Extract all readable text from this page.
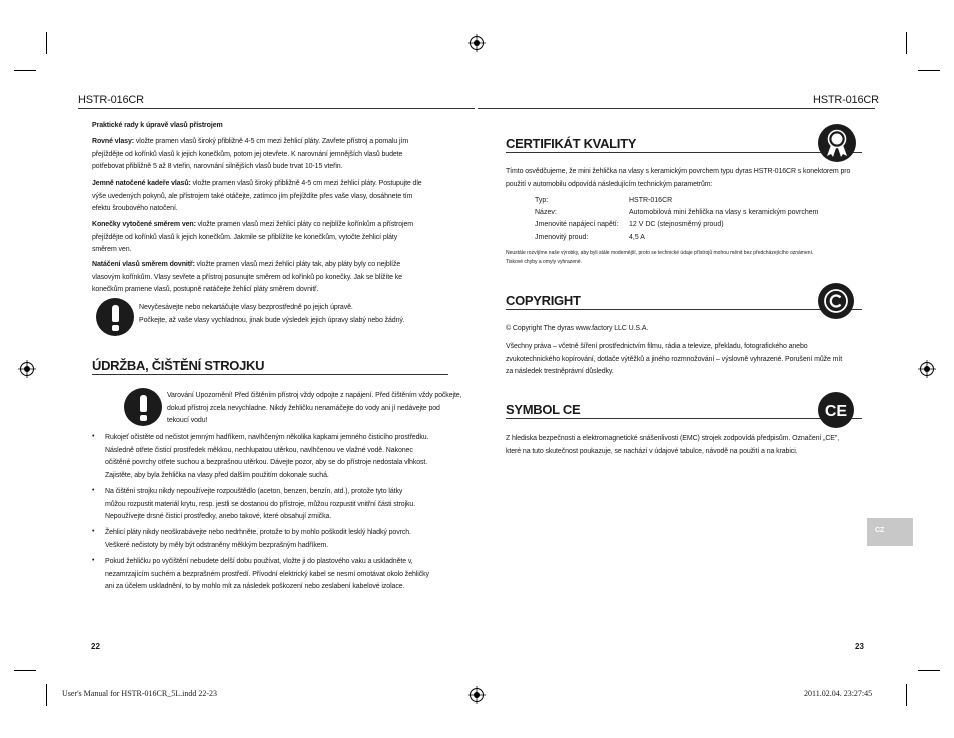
HSTR-016CR	HSTR-016CR
Praktické rady k úpravě vlasů přístrojem
Rovné vlasy: vložte pramen vlasů široký přibližně 4-5 cm mezi žehlicí pláty. Zavřete přístroj a pomalu jím
přejíždějte od kořínků vlasů k jejich konečkům, potom jej otevřete. K narovnání jemnějších vlasů budete
potřebovat přibližně 5 až 8 vteřin, narovnání silnějších vlasů bude trvat 10-15 vteřin.
Jemně natočené kadeře vlasů: vložte pramen vlasů široký přibližně 4-5 cm mezi žehlicí pláty. Postupujte dle
výše uvedených pokynů, ale přístrojem také otáčejte, zatímco jím přejíždíte přes vaše vlasy, dosáhnete tím
efektu šroubového natočení.
Konečky vytočené směrem ven: vložte pramen vlasů mezi žehlicí pláty co nejblíže kořínkům a přístrojem
přejíždějte od kořínků vlasů k jejich konečkům. Jakmile se přiblížíte ke konečkům, vytočte žehlicí pláty
směrem ven.
Natáčení vlasů směrem dovnitř: vložte pramen vlasů mezi žehlicí pláty tak, aby pláty byly co nejblíže
vlasovým kořínkům. Vlasy sevřete a přístroj posunujte směrem od kořínků po konečky. Jak se blížíte ke
konečkům pramene vlasů, postupně natáčejte žehlicí pláty směrem dovnitř.
Nevyčesávejte nebo nekartáčujte vlasy bezprostředně po jejich úpravě.
Počkejte, až vaše vlasy vychladnou, jinak bude výsledek jejich úpravy slabý nebo žádný.
ÚDRŽBA, ČIŠTĚNÍ STROJKU
Varování Upozornění! Před čištěním přístroj vždy odpojte z napájení. Před čištěním vždy počkejte,
dokud přístroj zcela nevychladne. Nikdy žehličku nenamáčejte do vody ani jí nedávejte pod
tekoucí vodu!
• Rukojeť očistěte od nečistot jemným hadříkem, navlhčeným několika kapkami jemného čisticího prostředku.
Následně otřete čisticí prostředek měkkou, nechlupatou utěrkou, navlhčenou ve vlažné vodě. Nakonec
očištěné povrchy otřete suchou a bezprašnou utěrkou. Dávejte pozor, aby se do přístroje nedostala vlhkost.
Zajistěte, aby byla žehlička na vlasy před dalším použitím dokonale suchá.
• Na čištění strojku nikdy nepoužívejte rozpouštědlo (aceton, benzen, benzín, atd.), protože tyto látky
můžou rozpustit materiál krytu, resp. jestli se dostanou do přístroje, můžou rozpustit vnitřní části strojku.
Nepoužívejte drsné čisticí prostředky, anebo takové, které obsahují zrnička.
• Žehlicí pláty nikdy neoškrabávejte nebo nedrhněte, protože to by mohlo poškodit lesklý hladký povrch.
Veškeré nečistoty by měly být odstraněny měkkým bezprašným hadříkem.
• Pokud žehličku po vyčištění nebudete delší dobu používat, vložte ji do plastového vaku a uskladněte v,
nezamrzajícím suchém a bezprašném prostředí. Přívodní elektrický kabel se nesmí omotávat okolo žehličky
ani za účelem uskladnění, to by mohlo mít za následek poškození nebo zeslabení kabelové izolace.
22
CERTIFIKÁT KVALITY
Tímto osvědčujeme, že mini žehlička na vlasy s keramickým povrchem typu dyras HSTR-016CR s konektorem pro
použití v automobilu odpovídá následujícím technickým parametrům:
Typ:	HSTR-016CR
Název:	Automobilová mini žehlička na vlasy s keramickým povrchem
Jmenovité napájecí napětí: 12 V DC (stejnosměrný proud)
Jmenovitý proud:	4,5 A
Neustále rozvíjíme naše výrobky, aby byli stále modernější, proto se technické údaje přístrojů mohou měnit bez předcházejícího oznámení.
Tiskové chyby a omyly vyhrazené.
COPYRIGHT
© Copyright The dyras www.factory LLC U.S.A.
Všechny práva – včetně šíření prostřednictvím filmu, rádia a televize, překladu, fotografického anebo
zvukotechnického kopírování, dotlače výtěžků a jiného rozmnožování – výslovně vyhrazené. Porušení může mít
za následek trestněprávní důsledky.
SYMBOL CE	CE
Z hlediska bezpečnosti a elektromagnetické snášenlivosti (EMC) strojek zodpovídá předpisům. Označení „CE",
které na tuto skutečnost poukazuje, se nachází v údajové tabulce, návodě na použití a na krabici.
CZ
23
User's Manual for HSTR-016CR_5L.indd 22-23	2011.02.04. 23:27:45
